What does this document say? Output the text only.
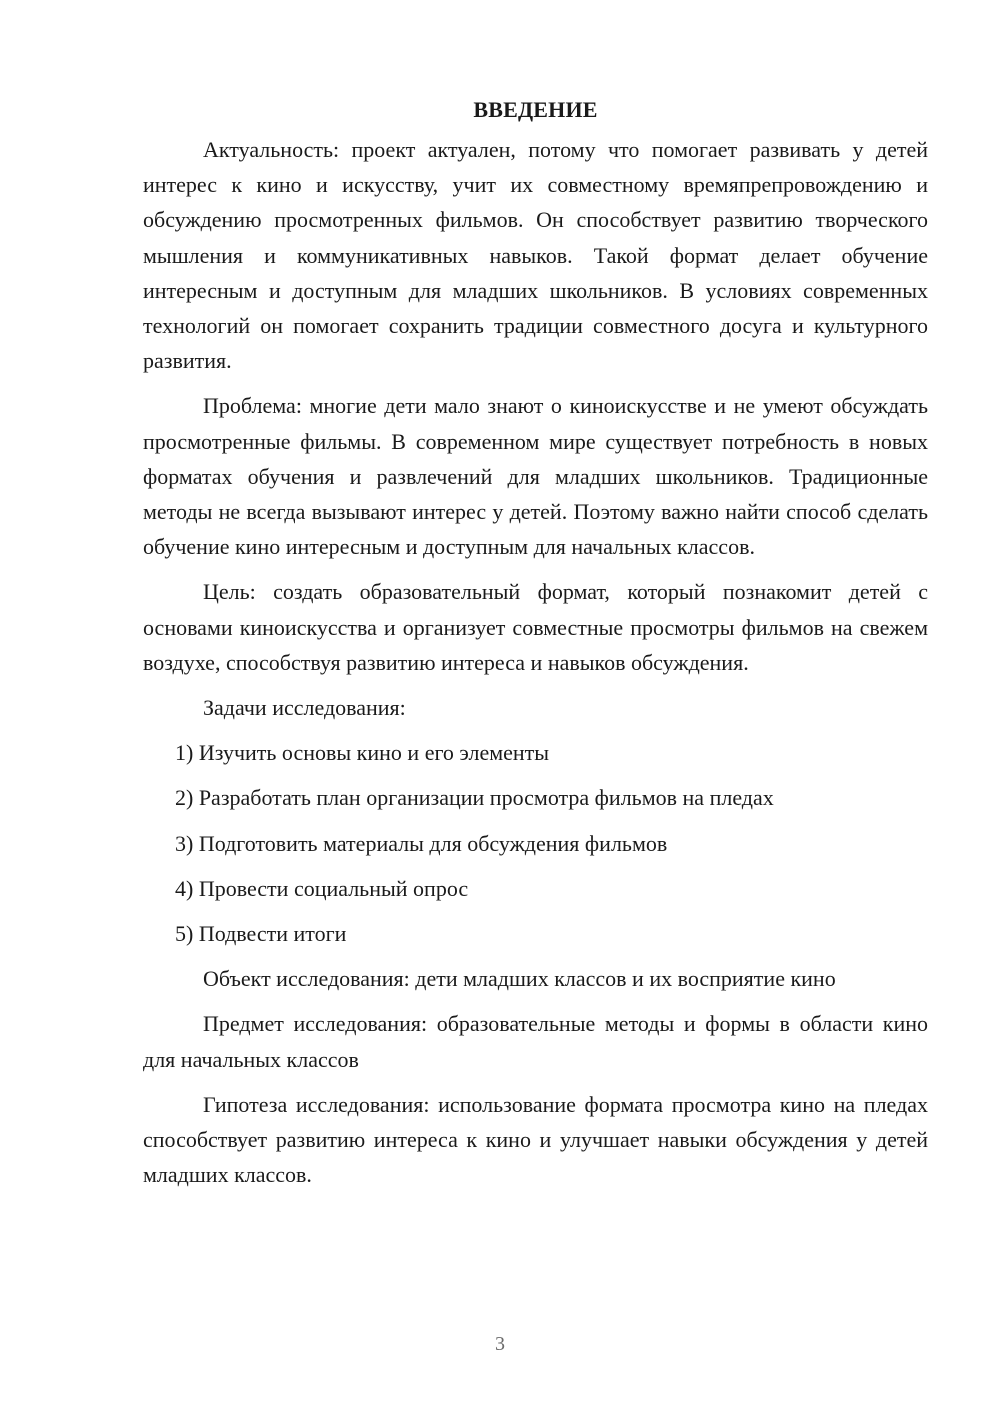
ВВЕДЕНИЕ

Актуальность: проект актуален, потому что помогает развивать у детей интерес к кино и искусству, учит их совместному времяпрепровождению и обсуждению просмотренных фильмов. Он способствует развитию творческого мышления и коммуникативных навыков. Такой формат делает обучение интересным и доступным для младших школьников. В условиях современных технологий он помогает сохранить традиции совместного досуга и культурного развития.

Проблема: многие дети мало знают о киноискусстве и не умеют обсуждать просмотренные фильмы. В современном мире существует потребность в новых форматах обучения и развлечений для младших школьников. Традиционные методы не всегда вызывают интерес у детей. Поэтому важно найти способ сделать обучение кино интересным и доступным для начальных классов.

Цель: создать образовательный формат, который познакомит детей с основами киноискусства и организует совместные просмотры фильмов на свежем воздухе, способствуя развитию интереса и навыков обсуждения.

Задачи исследования:

1) Изучить основы кино и его элементы
2) Разработать план организации просмотра фильмов на пледах
3) Подготовить материалы для обсуждения фильмов
4) Провести социальный опрос
5) Подвести итоги

Объект исследования: дети младших классов и их восприятие кино

Предмет исследования: образовательные методы и формы в области кино для начальных классов

Гипотеза исследования: использование формата просмотра кино на пледах способствует развитию интереса к кино и улучшает навыки обсуждения у детей младших классов.

3
